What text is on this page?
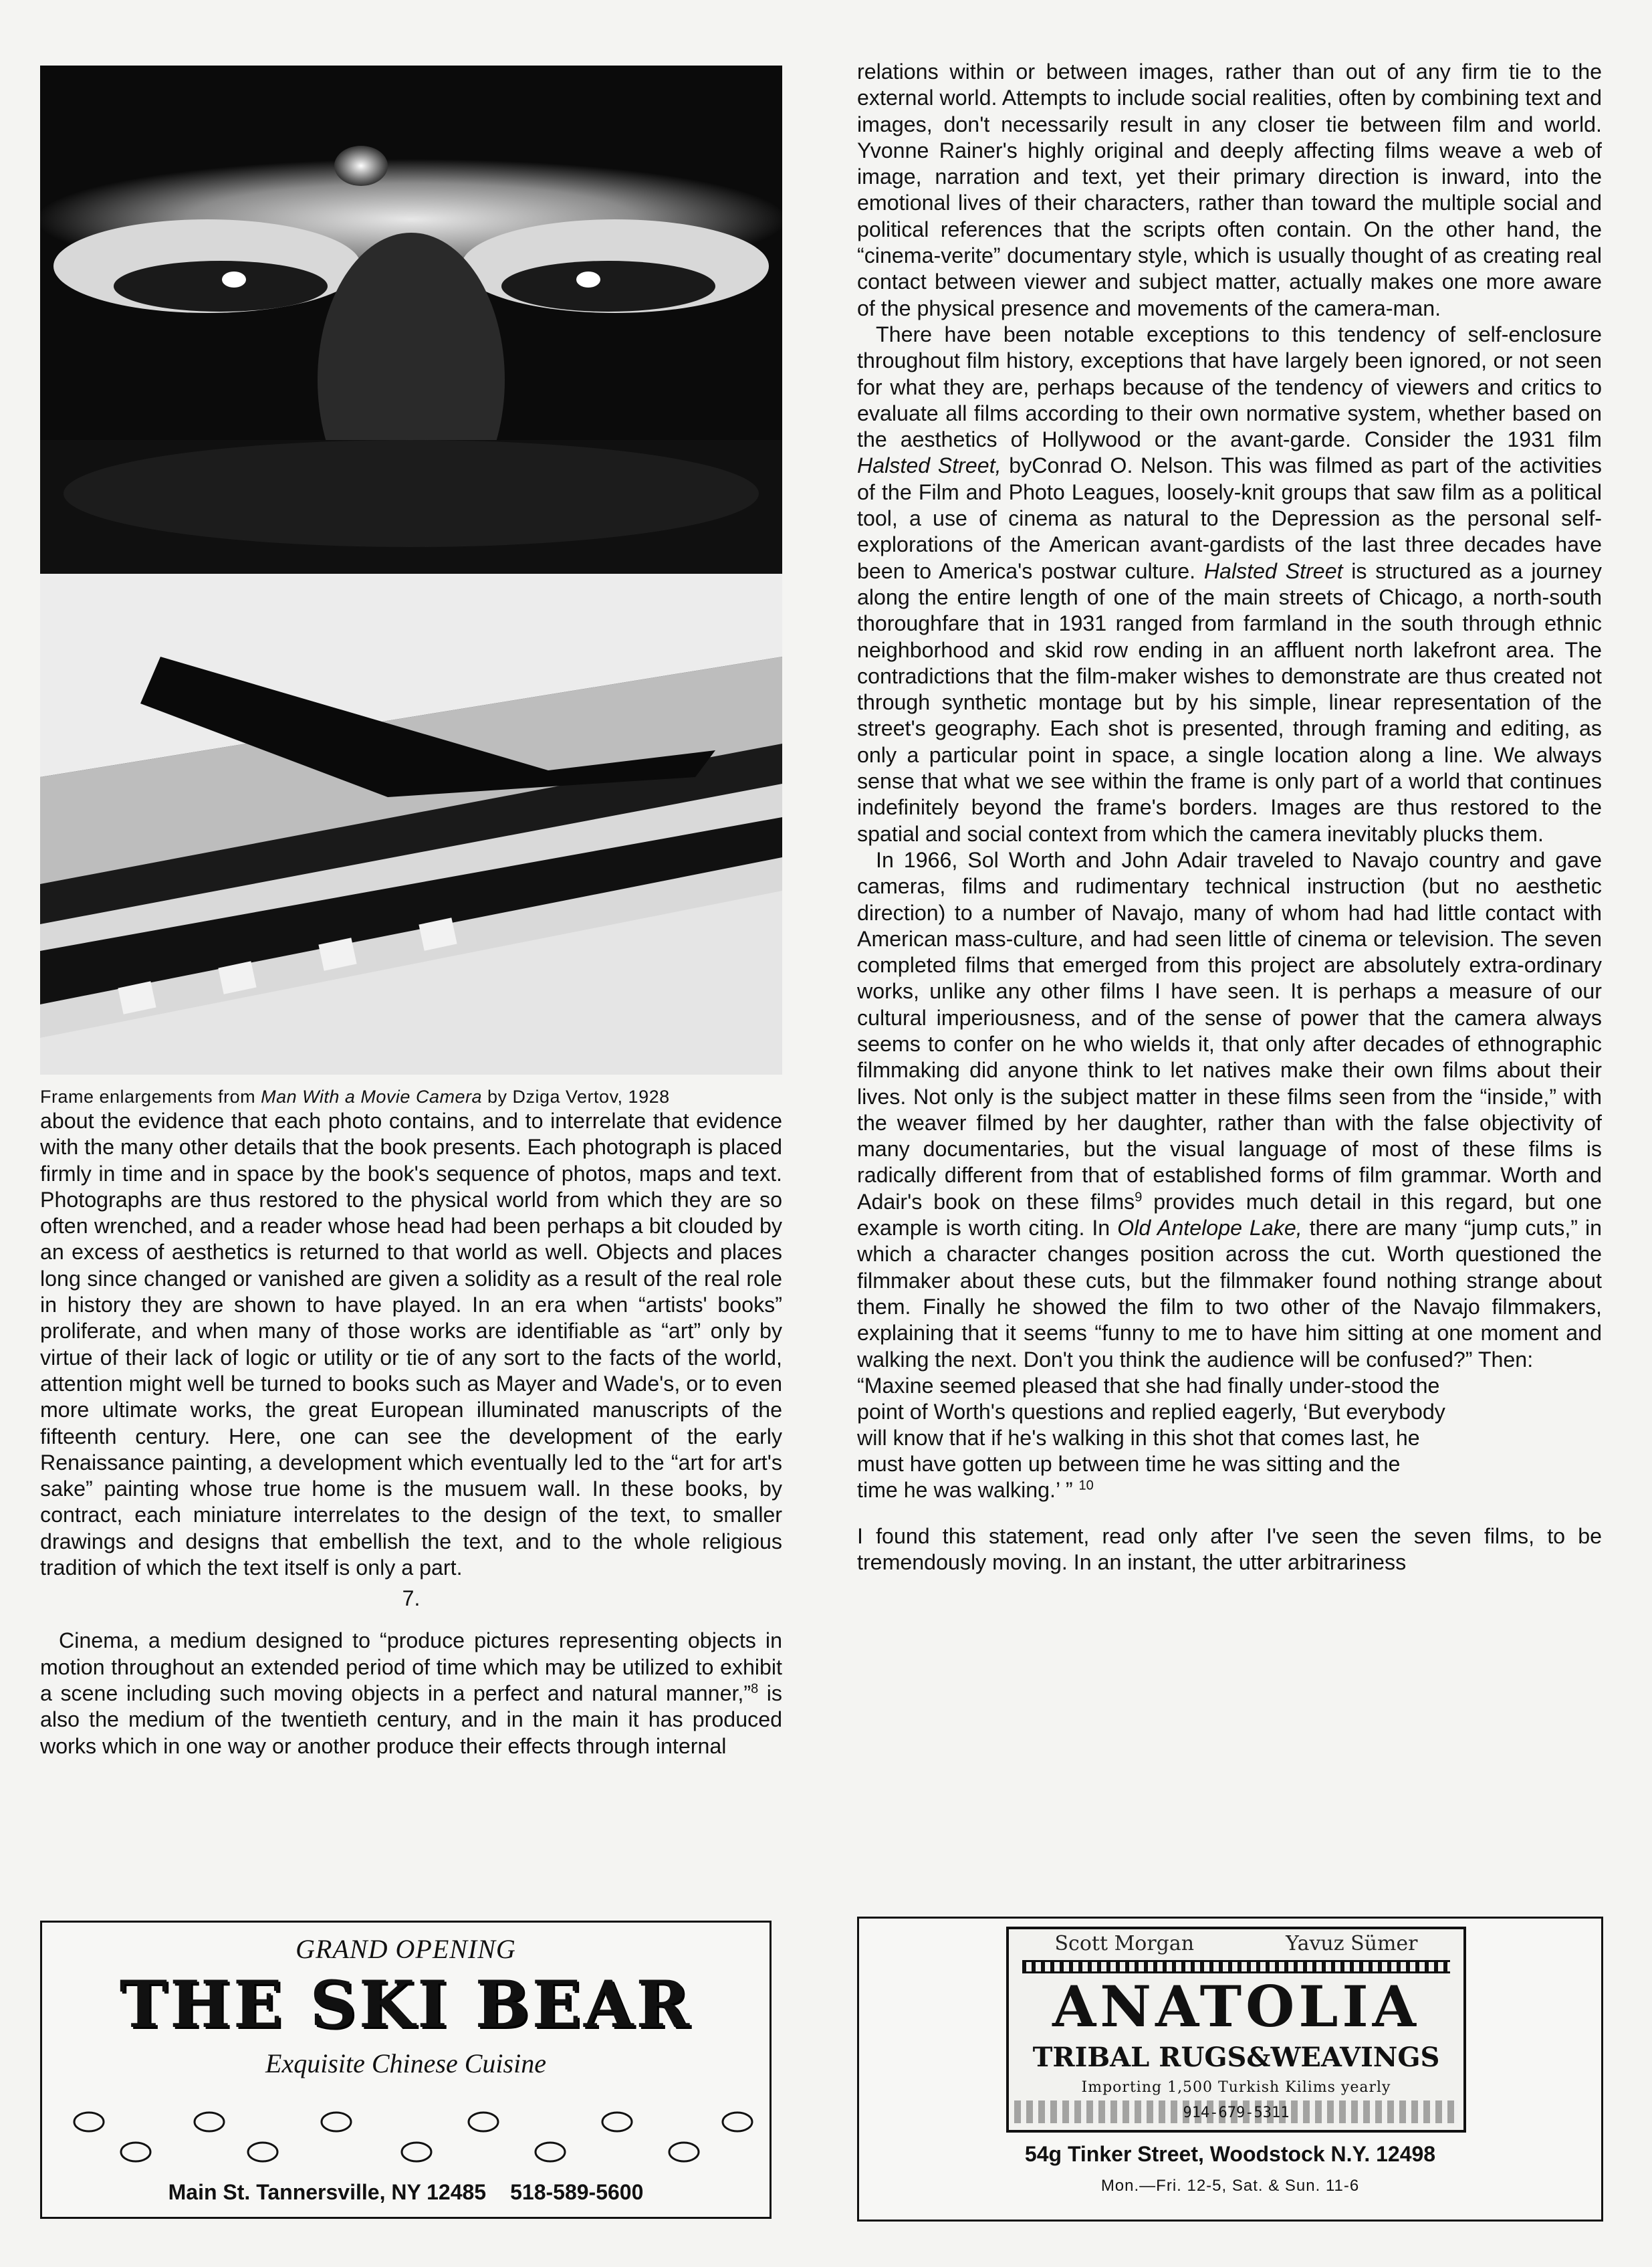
Frame enlargements from Man With a Movie Camera by Dziga Vertov, 1928

about the evidence that each photo contains, and to interrelate that evidence with the many other details that the book presents. Each photograph is placed firmly in time and in space by the book's sequence of photos, maps and text. Photographs are thus restored to the physical world from which they are so often wrenched, and a reader whose head had been perhaps a bit clouded by an excess of aesthetics is returned to that world as well. Objects and places long since changed or vanished are given a solidity as a result of the real role in history they are shown to have played. In an era when “artists' books” proliferate, and when many of those works are identifiable as “art” only by virtue of their lack of logic or utility or tie of any sort to the facts of the world, attention might well be turned to books such as Mayer and Wade's, or to even more ultimate works, the great European illuminated manuscripts of the fifteenth century. Here, one can see the development of the early Renaissance painting, a development which eventually led to the “art for art's sake” painting whose true home is the musuem wall. In these books, by contract, each miniature interrelates to the design of the text, to smaller drawings and designs that embellish the text, and to the whole religious tradition of which the text itself is only a part.

7.

Cinema, a medium designed to “produce pictures representing objects in motion throughout an extended period of time which may be utilized to exhibit a scene including such moving objects in a perfect and natural manner,”$^8$ is also the medium of the twentieth century, and in the main it has produced works which in one way or another produce their effects through internal

relations within or between images, rather than out of any firm tie to the external world. Attempts to include social realities, often by combining text and images, don't necessarily result in any closer tie between film and world. Yvonne Rainer's highly original and deeply affecting films weave a web of image, narration and text, yet their primary direction is inward, into the emotional lives of their characters, rather than toward the multiple social and political references that the scripts often contain. On the other hand, the “cinema-verite” documentary style, which is usually thought of as creating real contact between viewer and subject matter, actually makes one more aware of the physical presence and movements of the camera-man.

There have been notable exceptions to this tendency of self-enclosure throughout film history, exceptions that have largely been ignored, or not seen for what they are, perhaps because of the tendency of viewers and critics to evaluate all films according to their own normative system, whether based on the aesthetics of Hollywood or the avant-garde. Consider the 1931 film Halsted Street, byConrad O. Nelson. This was filmed as part of the activities of the Film and Photo Leagues, loosely-knit groups that saw film as a political tool, a use of cinema as natural to the Depression as the personal self-explorations of the American avant-gardists of the last three decades have been to America's postwar culture. Halsted Street is structured as a journey along the entire length of one of the main streets of Chicago, a north-south thoroughfare that in 1931 ranged from farmland in the south through ethnic neighborhood and skid row ending in an affluent north lakefront area. The contradictions that the film-maker wishes to demonstrate are thus created not through synthetic montage but by his simple, linear representation of the street's geography. Each shot is presented, through framing and editing, as only a particular point in space, a single location along a line. We always sense that what we see within the frame is only part of a world that continues indefinitely beyond the frame's borders. Images are thus restored to the spatial and social context from which the camera inevitably plucks them.

In 1966, Sol Worth and John Adair traveled to Navajo country and gave cameras, films and rudimentary technical instruction (but no aesthetic direction) to a number of Navajo, many of whom had had little contact with American mass-culture, and had seen little of cinema or television. The seven completed films that emerged from this project are absolutely extra-ordinary works, unlike any other films I have seen. It is perhaps a measure of our cultural imperiousness, and of the sense of power that the camera always seems to confer on he who wields it, that only after decades of ethnographic filmmaking did anyone think to let natives make their own films about their lives. Not only is the subject matter in these films seen from the “inside,” with the weaver filmed by her daughter, rather than with the false objectivity of many documentaries, but the visual language of most of these films is radically different from that of established forms of film grammar. Worth and Adair's book on these films$^9$ provides much detail in this regard, but one example is worth citing. In Old Antelope Lake, there are many “jump cuts,” in which a character changes position across the cut. Worth questioned the filmmaker about these cuts, but the filmmaker found nothing strange about them. Finally he showed the film to two other of the Navajo filmmakers, explaining that it seems “funny to me to have him sitting at one moment and walking the next. Don't you think the audience will be confused?” Then:

“Maxine seemed pleased that she had finally under-stood the point of Worth's questions and replied eagerly, ‘But everybody will know that if he's walking in this shot that comes last, he must have gotten up between time he was sitting and the time he was walking.’ ” $^{10}$

I found this statement, read only after I've seen the seven films, to be tremendously moving. In an instant, the utter arbitrariness

GRAND OPENING
THE SKI BEAR
Exquisite Chinese Cuisine
Main St. Tannersville, NY 12485 518-589-5600
Scott Morgan	Yavuz Sümer
ANATOLIA
TRIBAL RUGS&WEAVINGS
Importing 1,500 Turkish Kilims yearly
914-679-5311
54g Tinker Street, Woodstock N.Y. 12498
Mon.—Fri. 12-5, Sat. & Sun. 11-6
